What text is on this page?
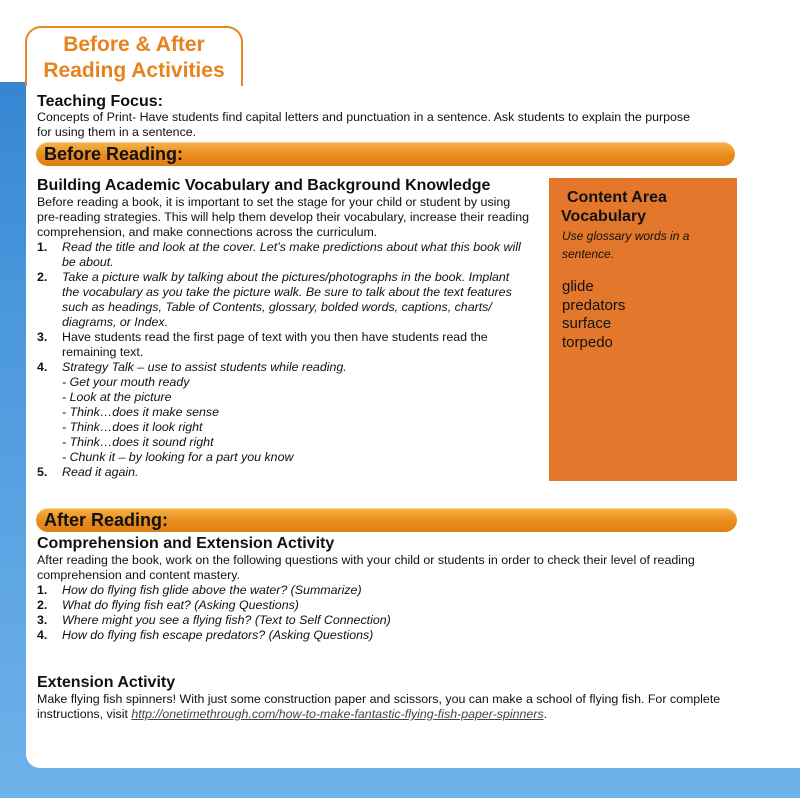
Before & After
Reading Activities
Teaching Focus:
Concepts of Print- Have students find capital letters and punctuation in a sentence. Ask students to explain the purpose
for using them in a sentence.
Before Reading:
Building Academic Vocabulary and Background Knowledge
Before reading a book, it is important to set the stage for your child or student by using
pre-reading strategies. This will help them develop their vocabulary, increase their reading
comprehension, and make connections across the curriculum.
1. Read the title and look at the cover. Let’s make predictions about what this book will
be about.
2. Take a picture walk by talking about the pictures/photographs in the book. Implant
the vocabulary as you take the picture walk. Be sure to talk about the text features
such as headings, Table of Contents, glossary, bolded words, captions, charts/
diagrams, or Index.
3. Have students read the first page of text with you then have students read the
remaining text.
4. Strategy Talk – use to assist students while reading.
- Get your mouth ready
- Look at the picture
- Think…does it make sense
- Think…does it look right
- Think…does it sound right
- Chunk it – by looking for a part you know
5. Read it again.
Content Area
Vocabulary
Use glossary words in a sentence.
glide
predators
surface
torpedo
After Reading:
Comprehension and Extension Activity
After reading the book, work on the following questions with your child or students in order to check their level of reading
comprehension and content mastery.
1. How do flying fish glide above the water? (Summarize)
2. What do flying fish eat? (Asking Questions)
3. Where might you see a flying fish? (Text to Self Connection)
4. How do flying fish escape predators? (Asking Questions)
Extension Activity
Make flying fish spinners! With just some construction paper and scissors, you can make a school of flying fish. For complete
instructions, visit http://onetimethrough.com/how-to-make-fantastic-flying-fish-paper-spinners.
